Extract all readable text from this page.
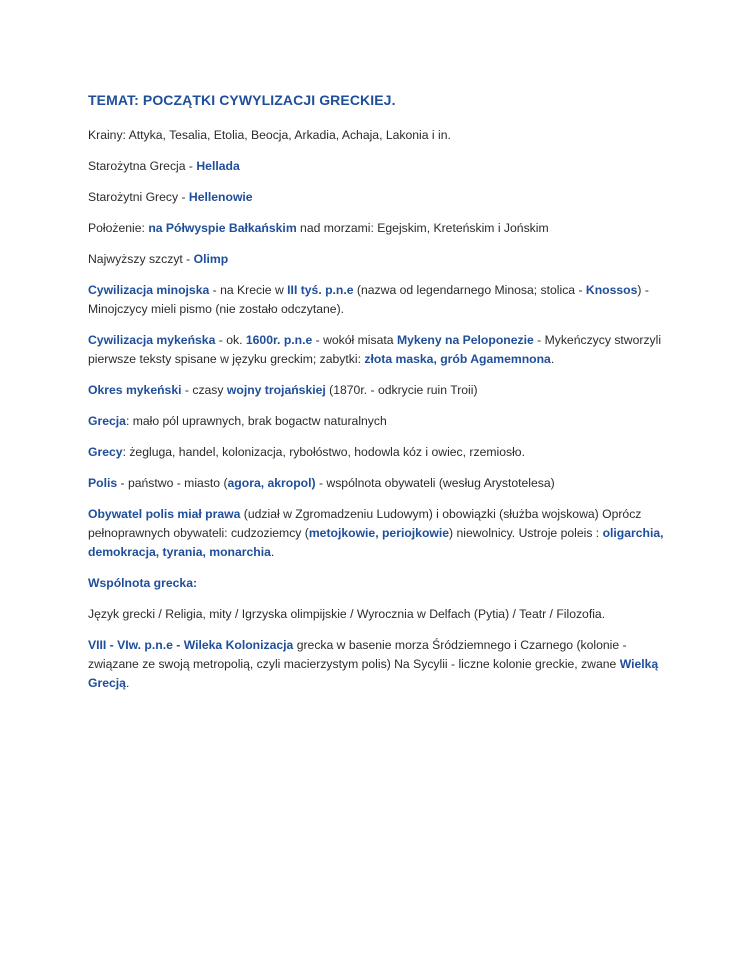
TEMAT: POCZĄTKI CYWYLIZACJI GRECKIEJ.

Krainy: Attyka, Tesalia, Etolia, Beocja, Arkadia, Achaja, Lakonia i in.

Starożytna Grecja - Hellada

Starożytni Grecy - Hellenowie

Położenie: na Półwyspie Bałkańskim nad morzami: Egejskim, Kreteńskim i Jońskim

Najwyższy szczyt - Olimp

Cywilizacja minojska - na Krecie w III tyś. p.n.e (nazwa od legendarnego Minosa; stolica - Knossos) - Minojczycy mieli pismo (nie zostało odczytane).

Cywilizacja mykeńska - ok. 1600r. p.n.e - wokół misata Mykeny na Peloponezie - Mykeńczycy stworzyli pierwsze teksty spisane w języku greckim; zabytki: złota maska, grób Agamemnona.

Okres mykeński - czasy wojny trojańskiej (1870r. - odkrycie ruin Troii)

Grecja: mało pól uprawnych, brak bogactw naturalnych

Grecy: żegluga, handel, kolonizacja, rybołóstwo, hodowla kóz i owiec, rzemiosło.

Polis - państwo - miasto (agora, akropol) - wspólnota obywateli (wesług Arystotelesa)

Obywatel polis miał prawa (udział w Zgromadzeniu Ludowym) i obowiązki (służba wojskowa) Oprócz pełnoprawnych obywateli: cudzoziemcy (metojkowie, periojkowie) niewolnicy. Ustroje poleis : oligarchia, demokracja, tyrania, monarchia.

Wspólnota grecka:

Język grecki / Religia, mity / Igrzyska olimpijskie / Wyrocznia w Delfach (Pytia) / Teatr / Filozofia.

VIII - VIw. p.n.e - Wileka Kolonizacja grecka w basenie morza Śródziemnego i Czarnego (kolonie - związane ze swoją metropolią, czyli macierzystym polis) Na Sycylii - liczne kolonie greckie, zwane Wielką Grecją.
